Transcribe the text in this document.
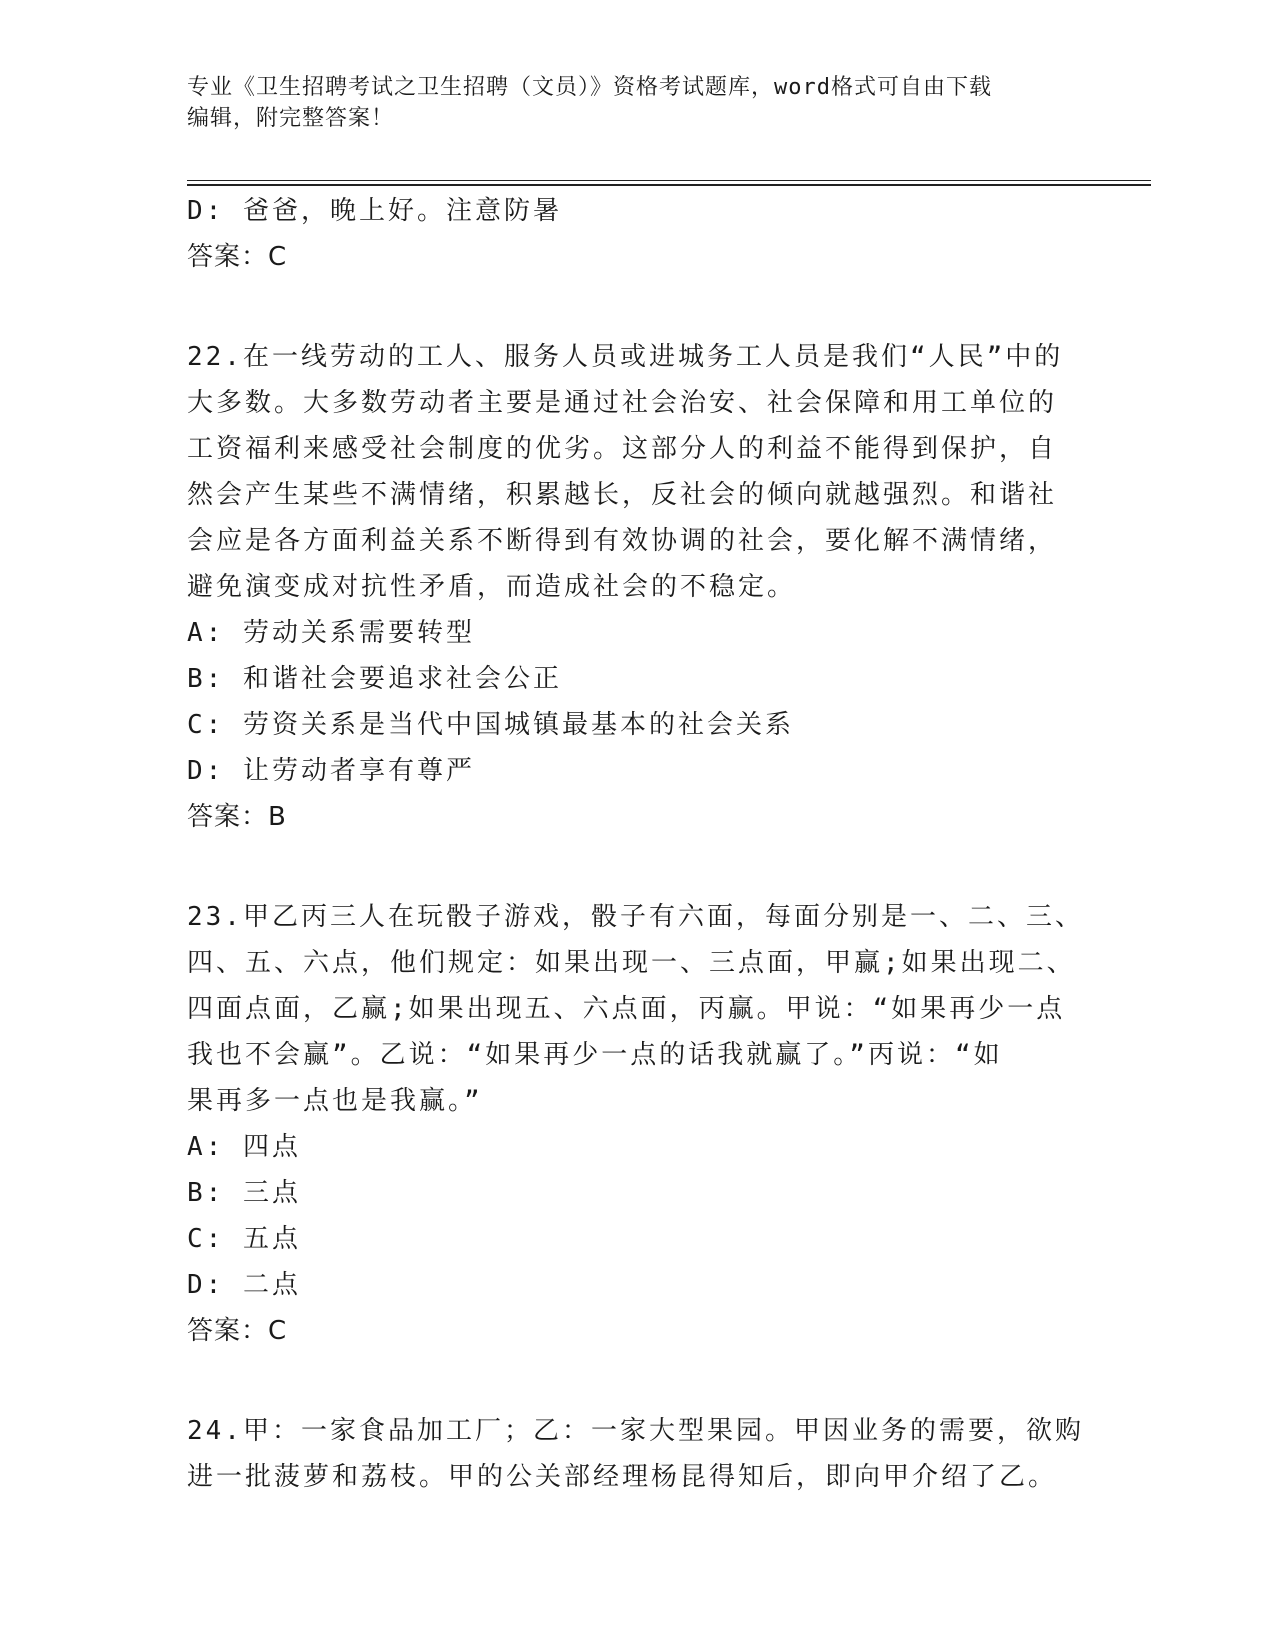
专业《卫生招聘考试之卫生招聘（文员）》资格考试题库，word格式可自由下载
编辑，附完整答案！
D: 爸爸，晚上好。注意防暑
答案：C
22.在一线劳动的工人、服务人员或进城务工人员是我们“人民”中的
大多数。大多数劳动者主要是通过社会治安、社会保障和用工单位的
工资福利来感受社会制度的优劣。这部分人的利益不能得到保护，自
然会产生某些不满情绪，积累越长，反社会的倾向就越强烈。和谐社
会应是各方面利益关系不断得到有效协调的社会，要化解不满情绪，
避免演变成对抗性矛盾，而造成社会的不稳定。
A: 劳动关系需要转型
B: 和谐社会要追求社会公正
C: 劳资关系是当代中国城镇最基本的社会关系
D: 让劳动者享有尊严
答案：B
23.甲乙丙三人在玩骰子游戏，骰子有六面，每面分别是一、二、三、
四、五、六点，他们规定：如果出现一、三点面，甲赢;如果出现二、
四面点面，乙赢;如果出现五、六点面，丙赢。甲说：“如果再少一点
我也不会赢”。乙说：“如果再少一点的话我就赢了。”丙说：“如
果再多一点也是我赢。”
A: 四点
B: 三点
C: 五点
D: 二点
答案：C
24.甲：一家食品加工厂；乙：一家大型果园。甲因业务的需要，欲购
进一批菠萝和荔枝。甲的公关部经理杨昆得知后，即向甲介绍了乙。
